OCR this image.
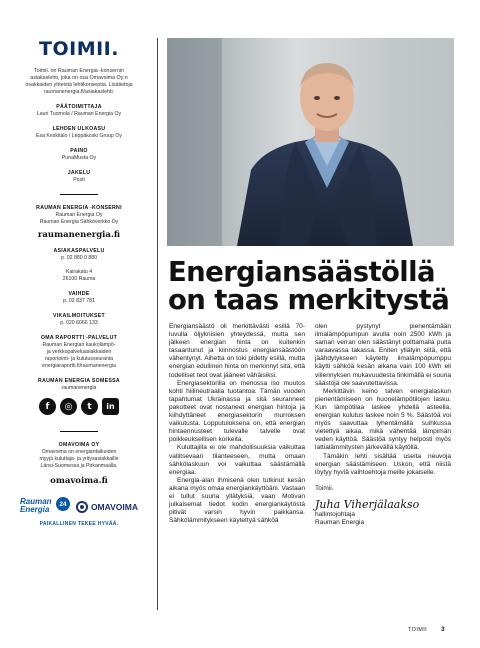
TOIMII.
Toimii. on Rauman Energia -konsernin asiakaslehti, joka on osa Omavoima Oy:n osakkaiden yhteistä lehtikonseptia. Lisätietoja raumanenergia.fi/asiakaslehti.
PÄÄTOIMITTAJA
Lauri Tuomola / Rauman Energia Oy
LEHDEN ULKOASU
Esa Keskitalo / Leppäkoski Group Oy
PAINO
PunaMusta Oy
JAKELU
Posti
RAUMAN ENERGIA -KONSERNI
Rauman Energia Oy
Rauman Energia Sähköverkko Oy
raumanenergia.fi
ASIAKASPALVELU
p. 02 880 0 880
Kairakatu 4
26100 Rauma
VAIHDE
p. 02 837 781
VIKAILMOITUKSET
p. 020 6066 133
OMA RAPORTTI -PALVELUT
Rauman Energian kaukolämpö-
ja verkkopalveluasiakkaiden
raportointi- ja kulutusseuranta
energiaraportti.fi/raumanenergia
RAUMAN ENERGIA SOMESSA
raumanenergia
f	◎	t	in
OMAVOIMA OY
Omavoima on energiantaikuiden
myyjä kuluttaja- ja yritysasiakkaille
Länsi-Suomessa ja Pirkanmaalla.
omavoima.fi
Rauman
Energia
24	OMAVOIMA
PAIKALLINEN TEKEE HYVÄÄ.
Energiansäästöllä
on taas merkitystä

Energiansäästö oli merkittävästi esillä 70-luvulla öljykriisien yhteydessä, mutta sen jälkeen energian hinta on kuitenkin tasaantunut ja kiinnostus energiansäästöön vähentynyt. Aihetta on toki pidetty esillä, mutta energian edullinen hinta on merkinnyt sitä, että todelliset teot ovat jääneet vähäisiksi.

Energiasektorilla on menossa iso muutos kohti hiilineutraalia tuotantoa. Tämän vuoden tapahtumat Ukrainassa ja sitä seuranneet pakotteet ovat nostaneet energian hintoja ja kiihdyttäneet energiasektorin murroksen vaikutusta. Lopputuloksena on, että energian hintaennusteet tulevalle talvelle ovat poikkeuksellisen korkeita.

Kuluttajilla ei ole mahdollisuuksia vaikuttaa vallitsevaan tilanteeseen, mutta omaan sähkölaskuun voi vaikuttaa säästämällä energiaa.

Energia-alan ihmisenä olen tutkinut kesän aikana myös omaa energiankäyttöäni. Vastaan ei tullut suuria yllätyksiä, vaan Motivan julkaisemat tiedot kodin energiankäytöstä pitivät varsin hyvin paikkansa. Sähkölämmitykseen käytettyä sähköä

olen pystynyt pienentämään ilmalämpöpumpun avulla noin 2500 kWh ja saman verran olen säästänyt polttamalla puita varaavassa takassa. Eniten yllätyin siitä, että jäähdytykseen käytetty ilmalämpöpumppu käytti sähköä kesän aikana vain 100 kWh eli viilennyksen mukavuudesta tinkimällä ei suuria säästöjä ole saavutettavissa.

Merkittävin keino talven energialaskun pienentämiseen on huonelämpötilojen lasku. Kun lämpötilaa laskee yhdellä asteella, energian kulutus laskee noin 5 %. Säästöä voi myös saavuttaa lyhentämällä suihkussa vietettyä aikaa, mikä vähentää lämpimän veden käyttöä. Säästöä syntyy helposti myös lattialämmitysten järkevällä käytöllä.

Tämäkin lehti sisältää useita neuvoja energian säästämiseen. Uskon, että niistä löytyy hyviä vaihtoehtoja meille jokaiselle.

Toimii.

Juha Viherjälaakso
hallintojohtaja
Rauman Energia
TOIMII 3
